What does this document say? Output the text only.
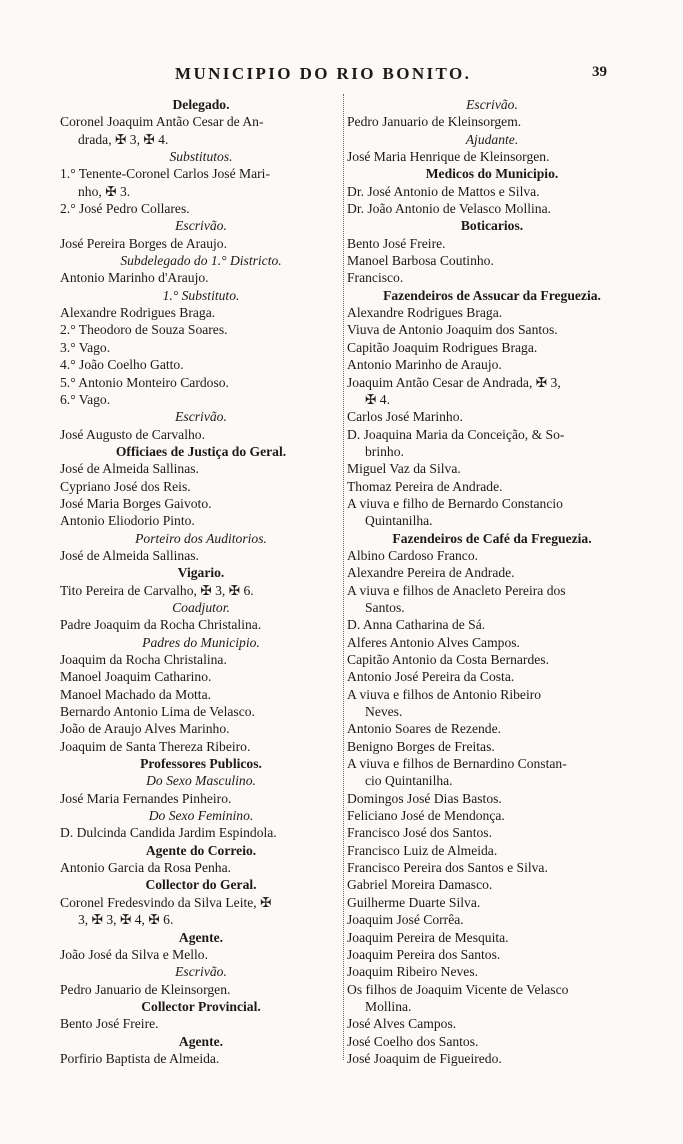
MUNICIPIO DO RIO BONITO.	39
Delegado.
Coronel Joaquim Antão Cesar de An-
drada, ✠ 3, ✠ 4.
Substitutos.
1.° Tenente-Coronel Carlos José Mari-
nho, ✠ 3.
2.° José Pedro Collares.
Escrivão.
José Pereira Borges de Araujo.
Subdelegado do 1.° Districto.
Antonio Marinho d'Araujo.
1.° Substituto.
Alexandre Rodrigues Braga.
2.° Theodoro de Souza Soares.
3.° Vago.
4.° João Coelho Gatto.
5.° Antonio Monteiro Cardoso.
6.° Vago.
Escrivão.
José Augusto de Carvalho.
Officiaes de Justiça do Geral.
José de Almeida Sallinas.
Cypriano José dos Reis.
José Maria Borges Gaivoto.
Antonio Eliodorio Pinto.
Porteiro dos Auditorios.
José de Almeida Sallinas.
Vigario.
Tito Pereira de Carvalho, ✠ 3, ✠ 6.
Coadjutor.
Padre Joaquim da Rocha Christalina.
Padres do Municipio.
Joaquim da Rocha Christalina.
Manoel Joaquim Catharino.
Manoel Machado da Motta.
Bernardo Antonio Lima de Velasco.
João de Araujo Alves Marinho.
Joaquim de Santa Thereza Ribeiro.
Professores Publicos.
Do Sexo Masculino.
José Maria Fernandes Pinheiro.
Do Sexo Feminino.
D. Dulcinda Candida Jardim Espindola.
Agente do Correio.
Antonio Garcia da Rosa Penha.
Collector do Geral.
Coronel Fredesvindo da Silva Leite, ✠
3, ✠ 3, ✠ 4, ✠ 6.
Agente.
João José da Silva e Mello.
Escrivão.
Pedro Januario de Kleinsorgen.
Collector Provincial.
Bento José Freire.
Agente.
Porfirio Baptista de Almeida.
Escrivão.
Pedro Januario de Kleinsorgem.
Ajudante.
José Maria Henrique de Kleinsorgen.
Medicos do Municipio.
Dr. José Antonio de Mattos e Silva.
Dr. João Antonio de Velasco Mollina.
Boticarios.
Bento José Freire.
Manoel Barbosa Coutinho.
Francisco.
Fazendeiros de Assucar da Freguezia.
Alexandre Rodrigues Braga.
Viuva de Antonio Joaquim dos Santos.
Capitão Joaquim Rodrigues Braga.
Antonio Marinho de Araujo.
Joaquim Antão Cesar de Andrada, ✠ 3,
✠ 4.
Carlos José Marinho.
D. Joaquina Maria da Conceição, & So-
brinho.
Miguel Vaz da Silva.
Thomaz Pereira de Andrade.
A viuva e filho de Bernardo Constancio
Quintanilha.
Fazendeiros de Café da Freguezia.
Albino Cardoso Franco.
Alexandre Pereira de Andrade.
A viuva e filhos de Anacleto Pereira dos
Santos.
D. Anna Catharina de Sá.
Alferes Antonio Alves Campos.
Capitão Antonio da Costa Bernardes.
Antonio José Pereira da Costa.
A viuva e filhos de Antonio Ribeiro
Neves.
Antonio Soares de Rezende.
Benigno Borges de Freitas.
A viuva e filhos de Bernardino Constan-
cio Quintanilha.
Domingos José Dias Bastos.
Feliciano José de Mendonça.
Francisco José dos Santos.
Francisco Luiz de Almeida.
Francisco Pereira dos Santos e Silva.
Gabriel Moreira Damasco.
Guilherme Duarte Silva.
Joaquim José Corrêa.
Joaquim Pereira de Mesquita.
Joaquim Pereira dos Santos.
Joaquim Ribeiro Neves.
Os filhos de Joaquim Vicente de Velasco
Mollina.
José Alves Campos.
José Coelho dos Santos.
José Joaquim de Figueiredo.
